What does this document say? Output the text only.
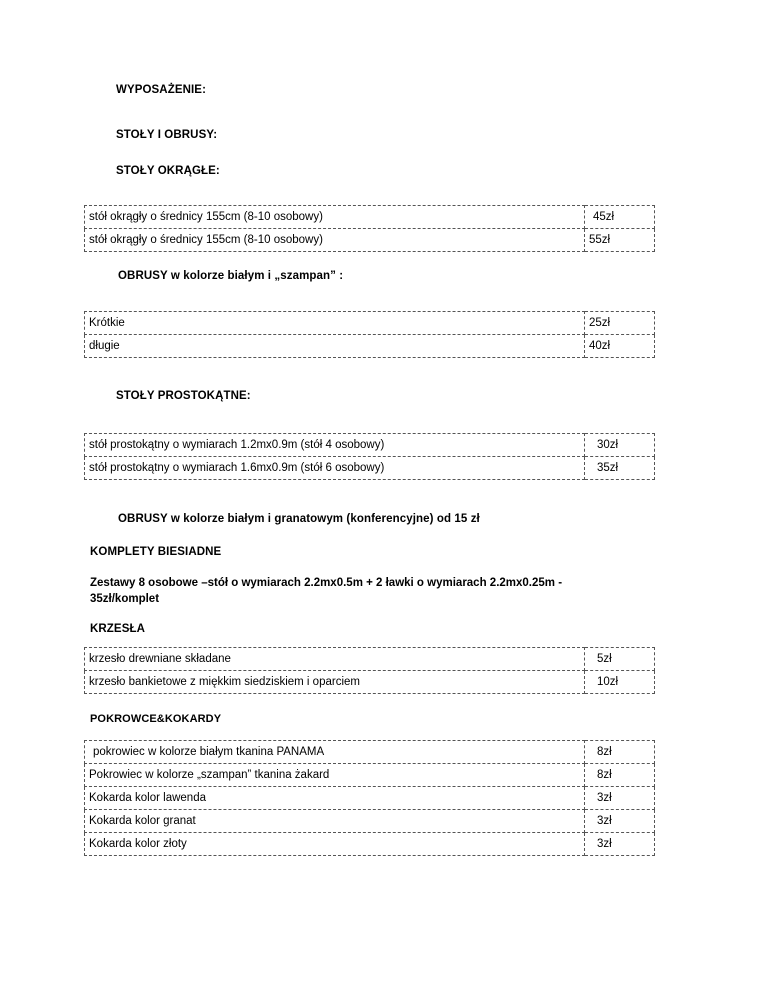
WYPOSAŻENIE:
STOŁY I OBRUSY:
STOŁY OKRĄGŁE:
stół okrągły o średnicy 155cm (8-10 osobowy)	45zł
stół okrągły o średnicy 155cm (8-10 osobowy)	55zł
OBRUSY w kolorze białym i „szampan” :
Krótkie	25zł
długie	40zł
STOŁY PROSTOKĄTNE:
stół prostokątny o wymiarach 1.2mx0.9m (stół 4 osobowy)	30zł
stół prostokątny o wymiarach 1.6mx0.9m (stół 6 osobowy)	35zł
OBRUSY w kolorze białym i granatowym (konferencyjne) od 15 zł
KOMPLETY BIESIADNE
Zestawy 8 osobowe –stół o wymiarach 2.2mx0.5m + 2 ławki o wymiarach 2.2mx0.25m -
35zł/komplet
KRZESŁA
krzesło drewniane składane	5zł
krzesło bankietowe z miękkim siedziskiem i oparciem	10zł
POKROWCE&KOKARDY
pokrowiec w kolorze białym tkanina PANAMA	8zł
Pokrowiec w kolorze „szampan” tkanina żakard	8zł
Kokarda kolor lawenda	3zł
Kokarda kolor granat	3zł
Kokarda kolor złoty	3zł
